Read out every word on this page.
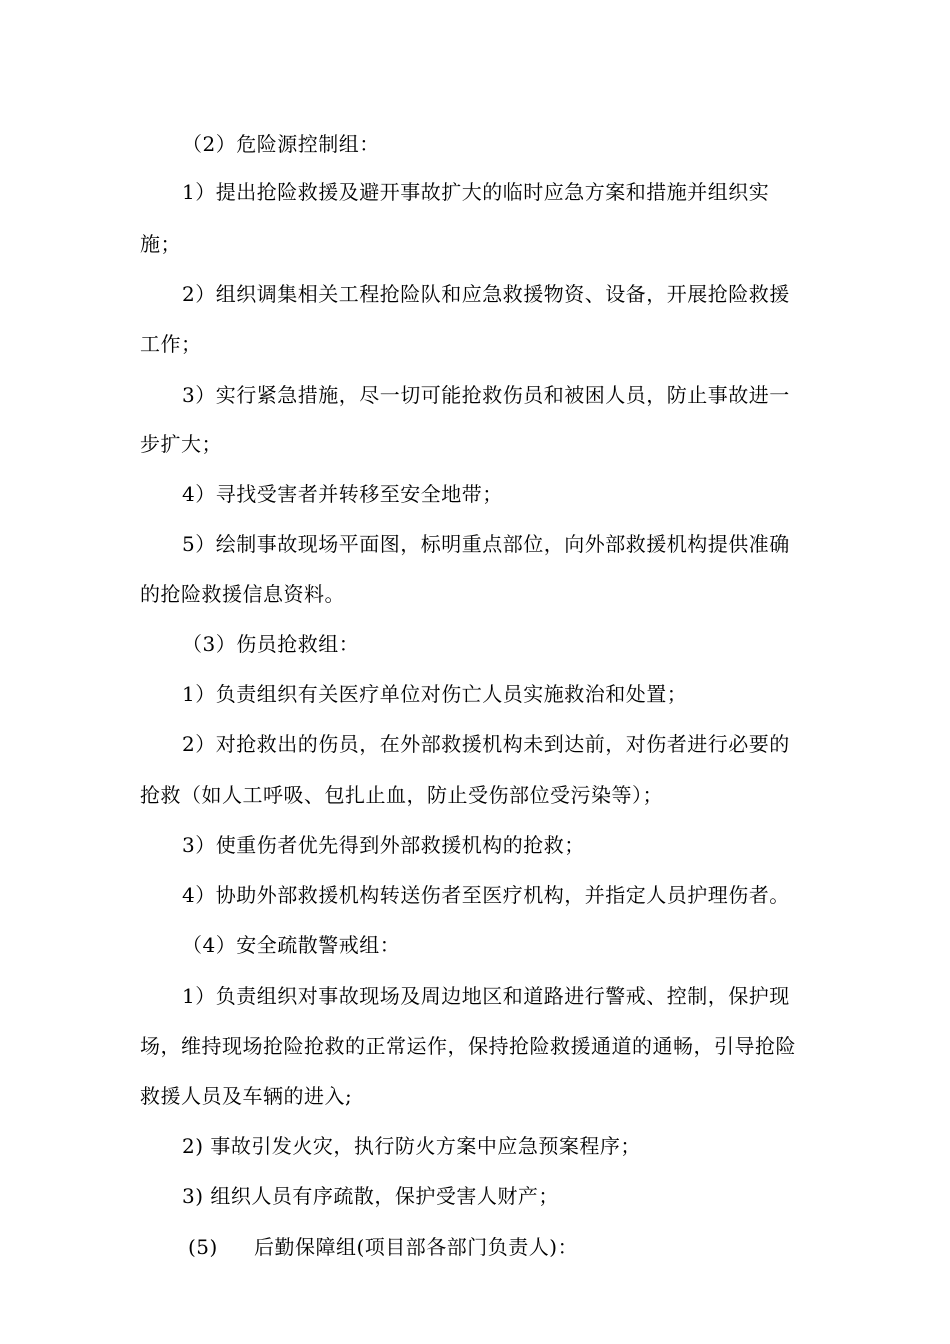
（2）危险源控制组：
1）提出抢险救援及避开事故扩大的临时应急方案和措施并组织实
施；
2）组织调集相关工程抢险队和应急救援物资、设备，开展抢险救援
工作；
3）实行紧急措施，尽一切可能抢救伤员和被困人员，防止事故进一
步扩大；
4）寻找受害者并转移至安全地带；
5）绘制事故现场平面图，标明重点部位，向外部救援机构提供准确
的抢险救援信息资料。
（3）伤员抢救组：
1）负责组织有关医疗单位对伤亡人员实施救治和处置；
2）对抢救出的伤员，在外部救援机构未到达前，对伤者进行必要的
抢救（如人工呼吸、包扎止血，防止受伤部位受污染等）；
3）使重伤者优先得到外部救援机构的抢救；
4）协助外部救援机构转送伤者至医疗机构，并指定人员护理伤者。
（4）安全疏散警戒组：
1）负责组织对事故现场及周边地区和道路进行警戒、控制，保护现
场，维持现场抢险抢救的正常运作，保持抢险救援通道的通畅，引导抢险
救援人员及车辆的进入;
2) 事故引发火灾，执行防火方案中应急预案程序；
3) 组织人员有序疏散，保护受害人财产；
(5) 后勤保障组(项目部各部门负责人)：
